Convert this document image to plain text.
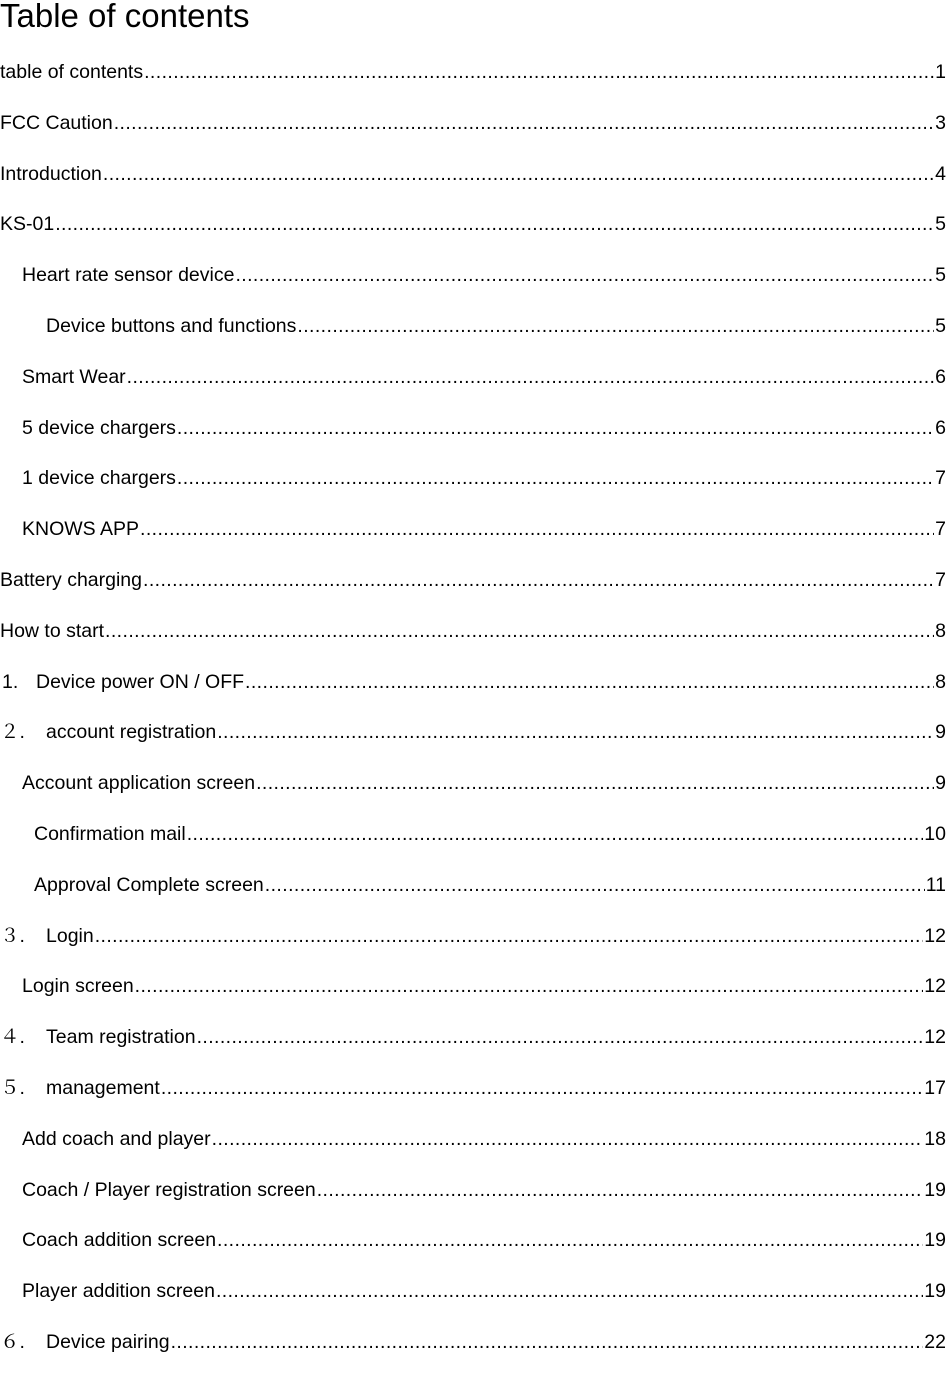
Table of contents
table of contents .....	1
FCC Caution .....	3
Introduction .....	4
KS-01 .....	5
Heart rate sensor device .....	5
Device buttons and functions .....	5
Smart Wear .....	6
5 device chargers .....	6
1 device chargers .....	7
KNOWS APP .....	7
Battery charging .....	7
How to start .....	8
1. Device power ON / OFF .....	8
２.	account registration .....	9
Account application screen .....	9
Confirmation mail .....	10
Approval Complete screen .....	11
３.	Login .....	12
Login screen .....	12
４.	Team registration .....	12
５.	management .....	17
Add coach and player .....	18
Coach / Player registration screen .....	19
Coach addition screen .....	19
Player addition screen .....	19
６.	Device pairing .....	22
